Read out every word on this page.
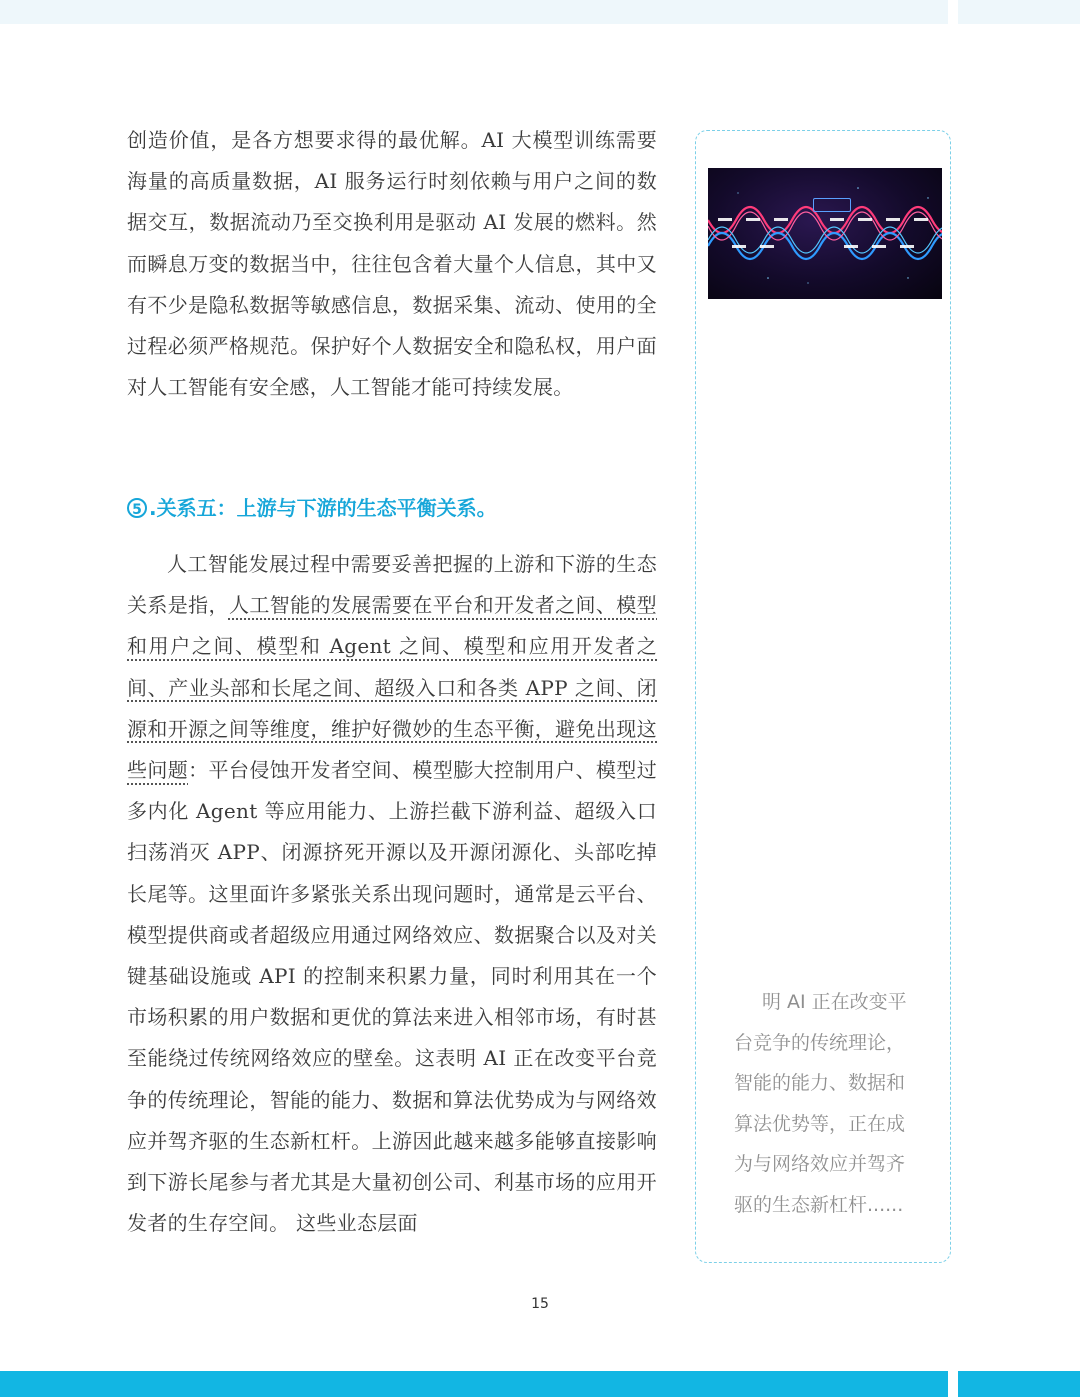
创造价值，是各方想要求得的最优解。AI 大模型训练需要海量的高质量数据，AI 服务运行时刻依赖与用户之间的数据交互，数据流动乃至交换利用是驱动 AI 发展的燃料。然而瞬息万变的数据当中，往往包含着大量个人信息，其中又有不少是隐私数据等敏感信息，数据采集、流动、使用的全过程必须严格规范。保护好个人数据安全和隐私权，用户面对人工智能有安全感，人工智能才能可持续发展。

5 .关系五：上游与下游的生态平衡关系。

人工智能发展过程中需要妥善把握的上游和下游的生态关系是指，人工智能的发展需要在平台和开发者之间、模型和用户之间、模型和 Agent 之间、模型和应用开发者之间、产业头部和长尾之间、超级入口和各类 APP 之间、闭源和开源之间等维度，维护好微妙的生态平衡，避免出现这些问题：平台侵蚀开发者空间、模型膨大控制用户、模型过多内化 Agent 等应用能力、上游拦截下游利益、超级入口扫荡消灭 APP、闭源挤死开源以及开源闭源化、头部吃掉长尾等。这里面许多紧张关系出现问题时，通常是云平台、模型提供商或者超级应用通过网络效应、数据聚合以及对关键基础设施或 API 的控制来积累力量，同时利用其在一个市场积累的用户数据和更优的算法来进入相邻市场，有时甚至能绕过传统网络效应的壁垒。这表明 AI 正在改变平台竞争的传统理论，智能的能力、数据和算法优势成为与网络效应并驾齐驱的生态新杠杆。上游因此越来越多能够直接影响到下游长尾参与者尤其是大量初创公司、利基市场的应用开发者的生存空间。 这些业态层面

明 AI 正在改变平台竞争的传统理论，智能的能力、数据和算法优势等，正在成为与网络效应并驾齐驱的生态新杠杆......

15
